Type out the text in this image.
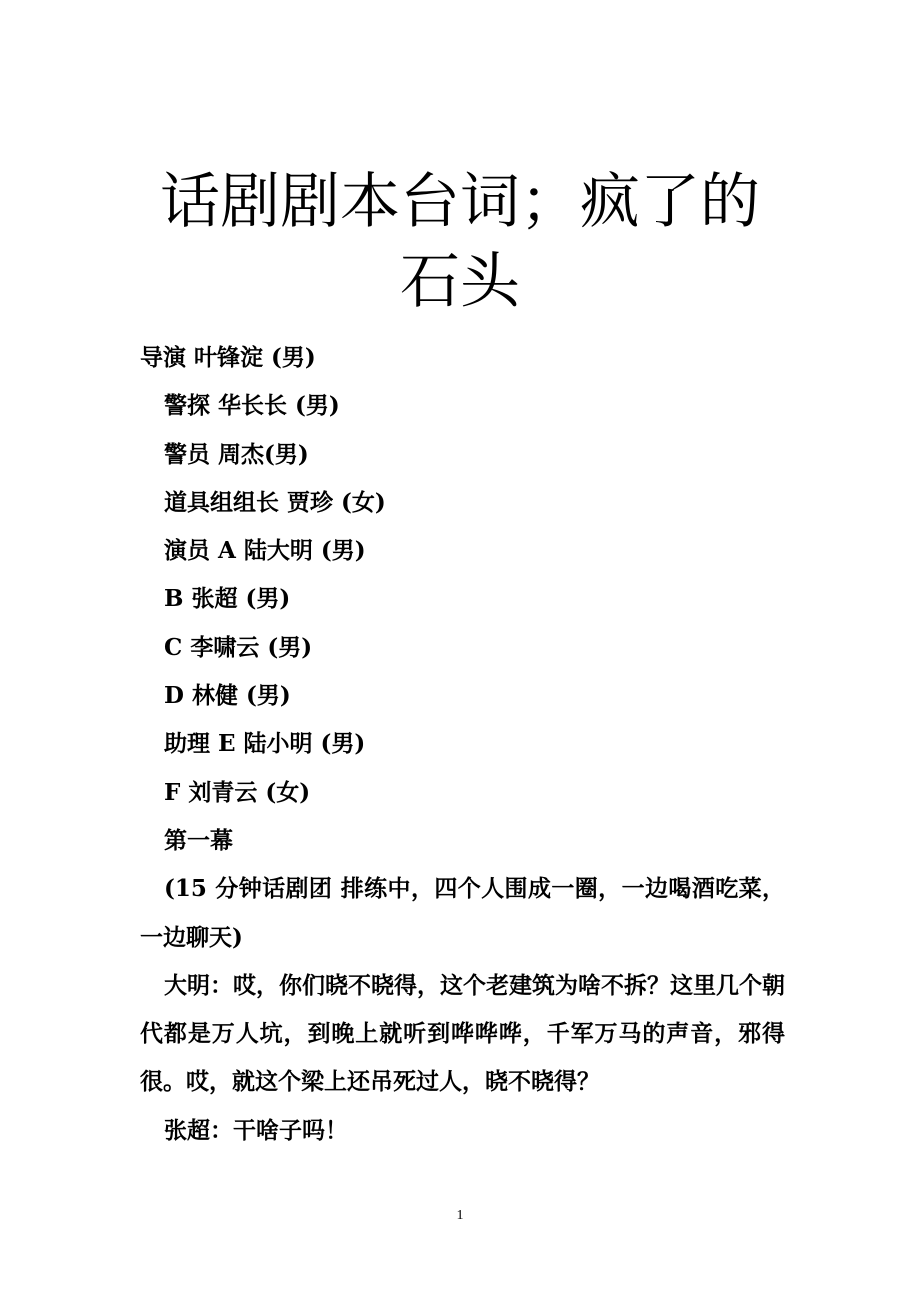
话剧剧本台词；疯了的石头
导演 叶锋淀 (男)
警探 华长长 (男)
警员 周杰(男)
道具组组长 贾珍 (女)
演员 A 陆大明 (男)
B 张超 (男)
C 李啸云 (男)
D 林健 (男)
助理 E 陆小明 (男)
F 刘青云 (女)
第一幕
(15 分钟话剧团 排练中，四个人围成一圈，一边喝酒吃菜，一边聊天)
大明：哎，你们晓不晓得，这个老建筑为啥不拆？这里几个朝代都是万人坑，到晚上就听到哗哗哗，千军万马的声音，邪得很。哎，就这个梁上还吊死过人，晓不晓得？
张超：干啥子吗！
1
